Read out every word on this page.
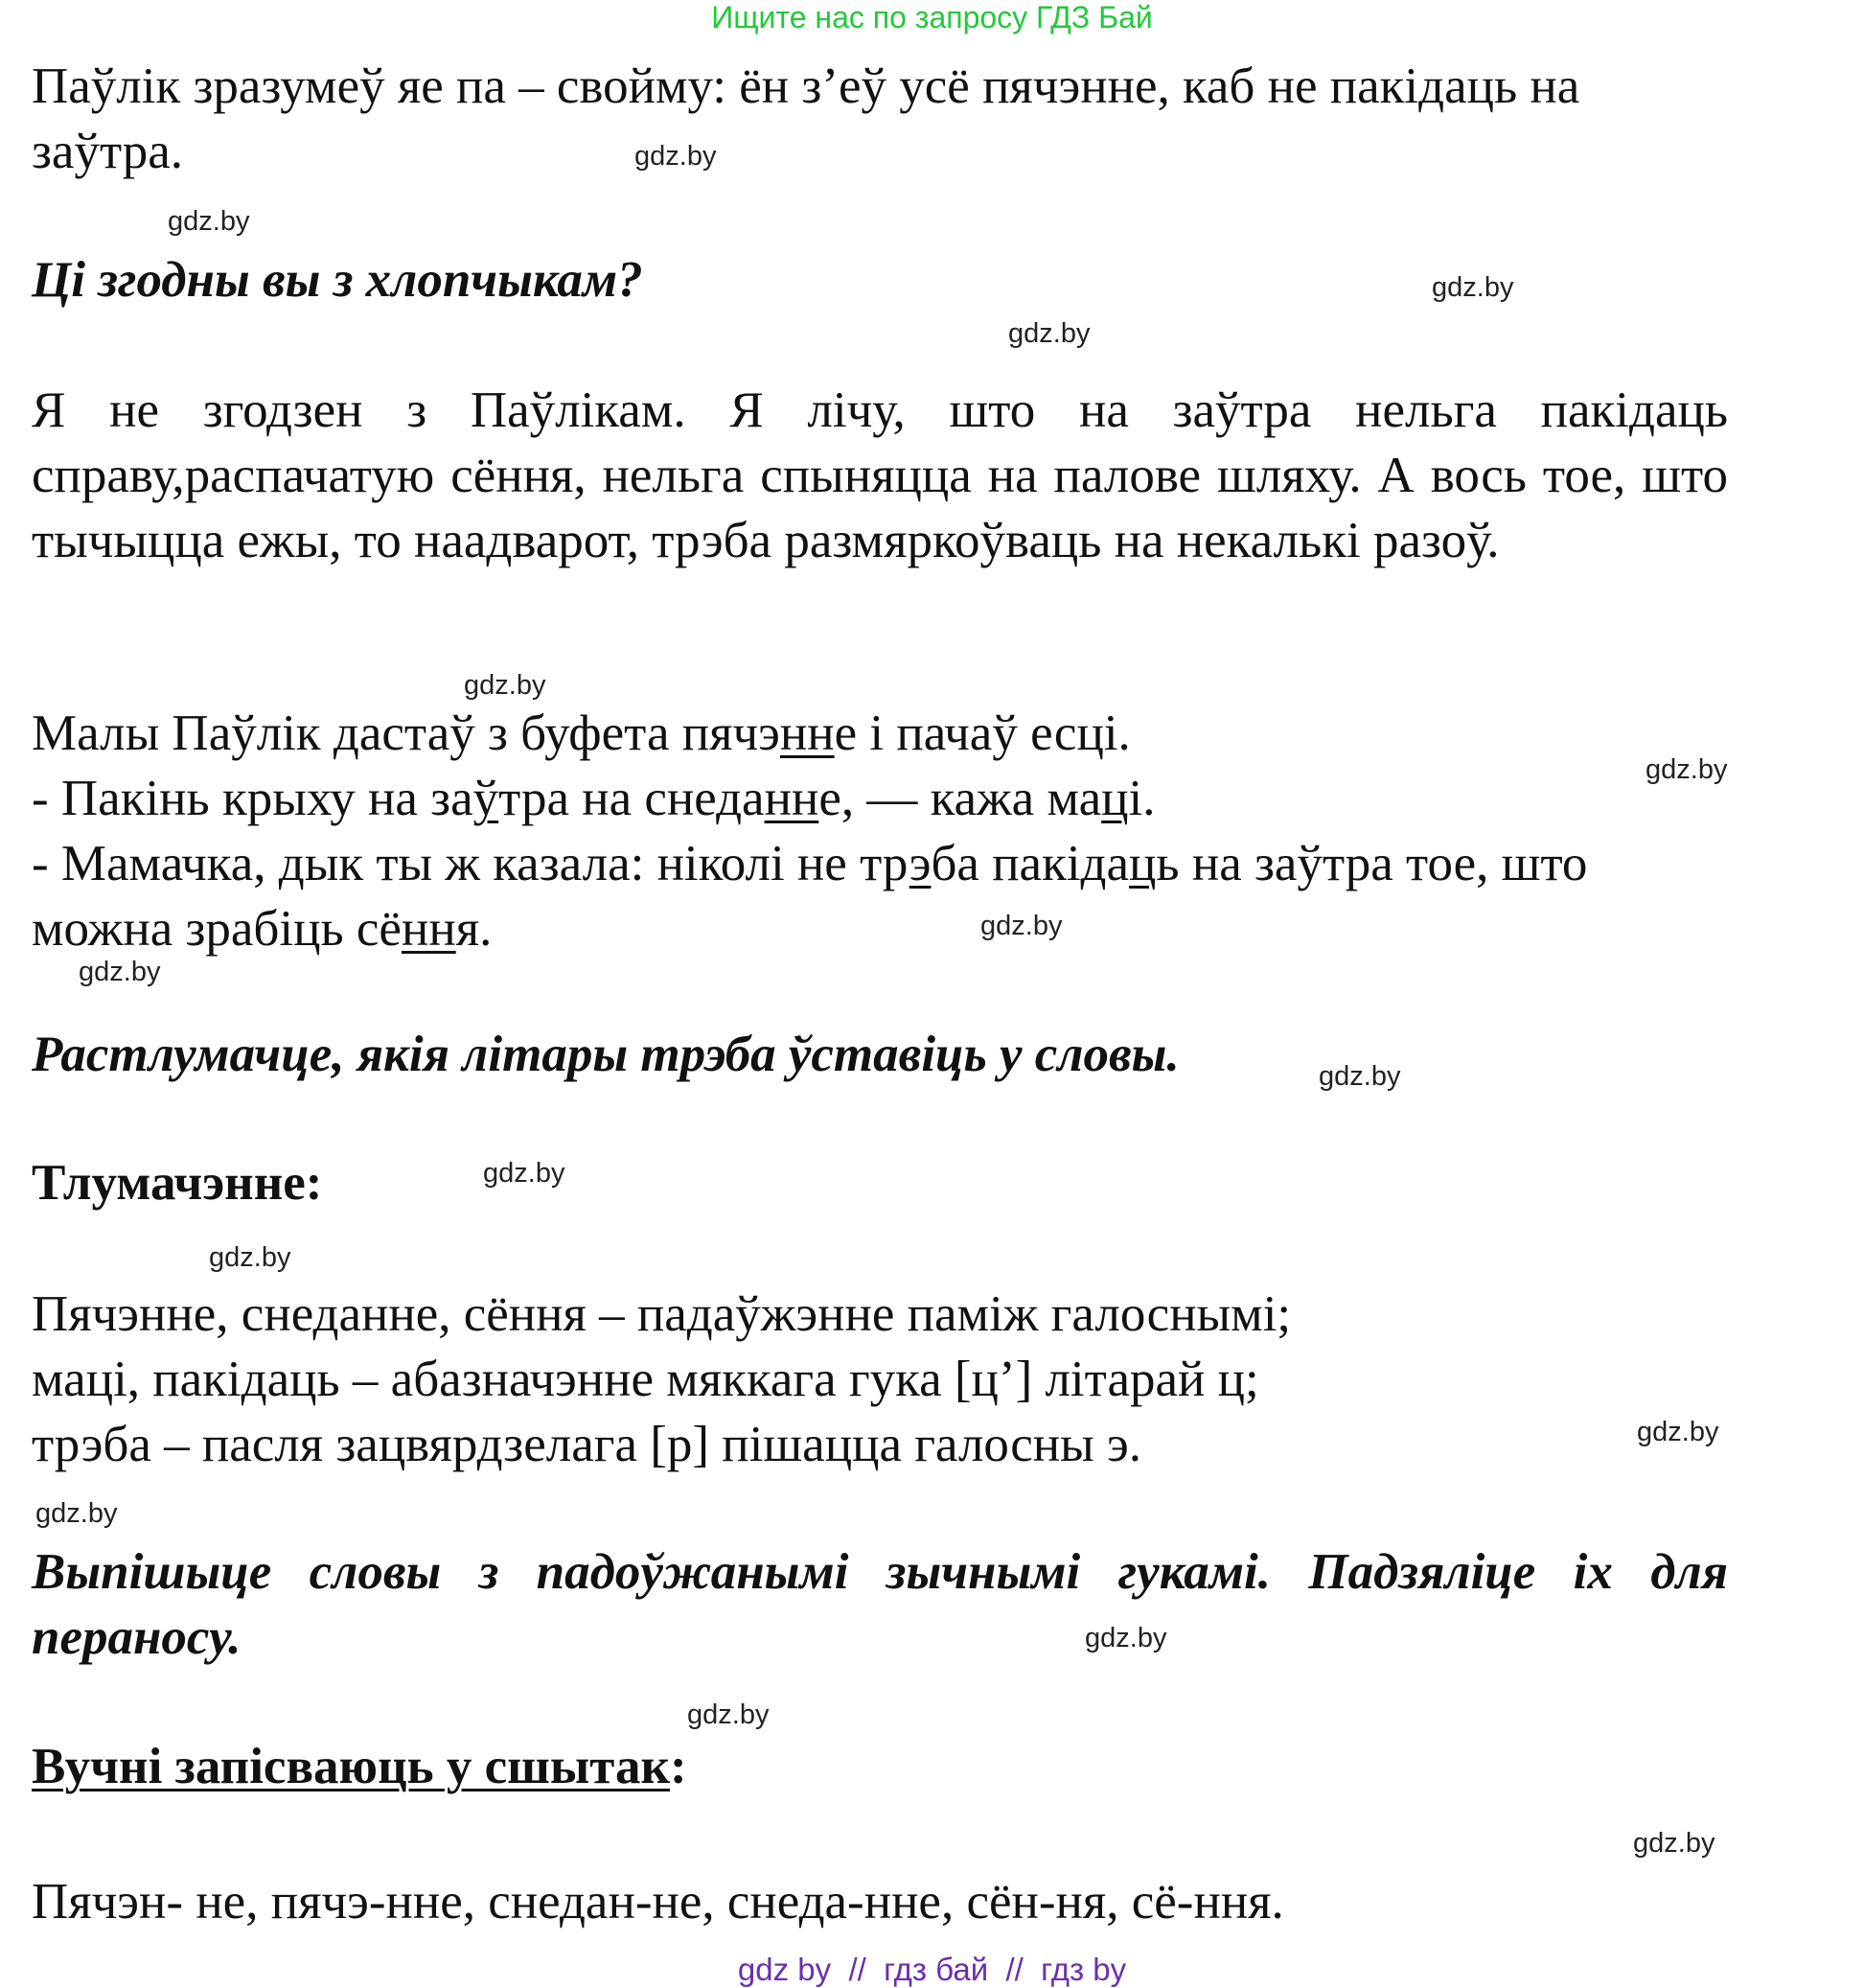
Ищите нас по запросу ГДЗ Бай
Паўлік зразумеў яе па – свойму: ён з’еў усё пячэнне, каб не пакідаць на заўтра.	gdz.by
gdz.by
Ці згодны вы з хлопчыкам?	gdz.by
gdz.by
Я не згодзен з Паўлікам. Я лічу, што на заўтра нельга пакідаць справу,распачатую сёння, нельга спыняцца на палове шляху. А вось тое, што тычыцца ежы, то наадварот, трэба размяркоўваць на некалькі разоў.
gdz.by
Малы Паўлік дастаў з буфета пячэнне і пачаў есці.
gdz.by
- Пакінь крыху на заўтра на снеданне, — кажа маці.
- Мамачка, дык ты ж казала: ніколі не трэба пакідаць на заўтра тое, што
можна зрабіць сёння.	gdz.by
gdz.by
Растлумачце, якія літары трэба ўставіць у словы.	gdz.by
Тлумачэнне:	gdz.by
gdz.by
Пячэнне, снеданне, сёння – падаўжэнне паміж галоснымі;
маці, пакідаць – абазначэнне мяккага гука [ц’] літарай ц;
трэба – пасля зацвярдзелага [р] пішацца галосны э.	gdz.by
gdz.by
Выпішыце словы з падоўжанымі зычнымі гукамі. Падзяліце іх для пераносу.	gdz.by
gdz.by
Вучні запісваюць у сшытак:
gdz.by
Пячэн- не, пячэ-нне, снедан-не, снеда-нне, сён-ня, сё-ння.
gdz by  //  гдз бай  //  гдз by
